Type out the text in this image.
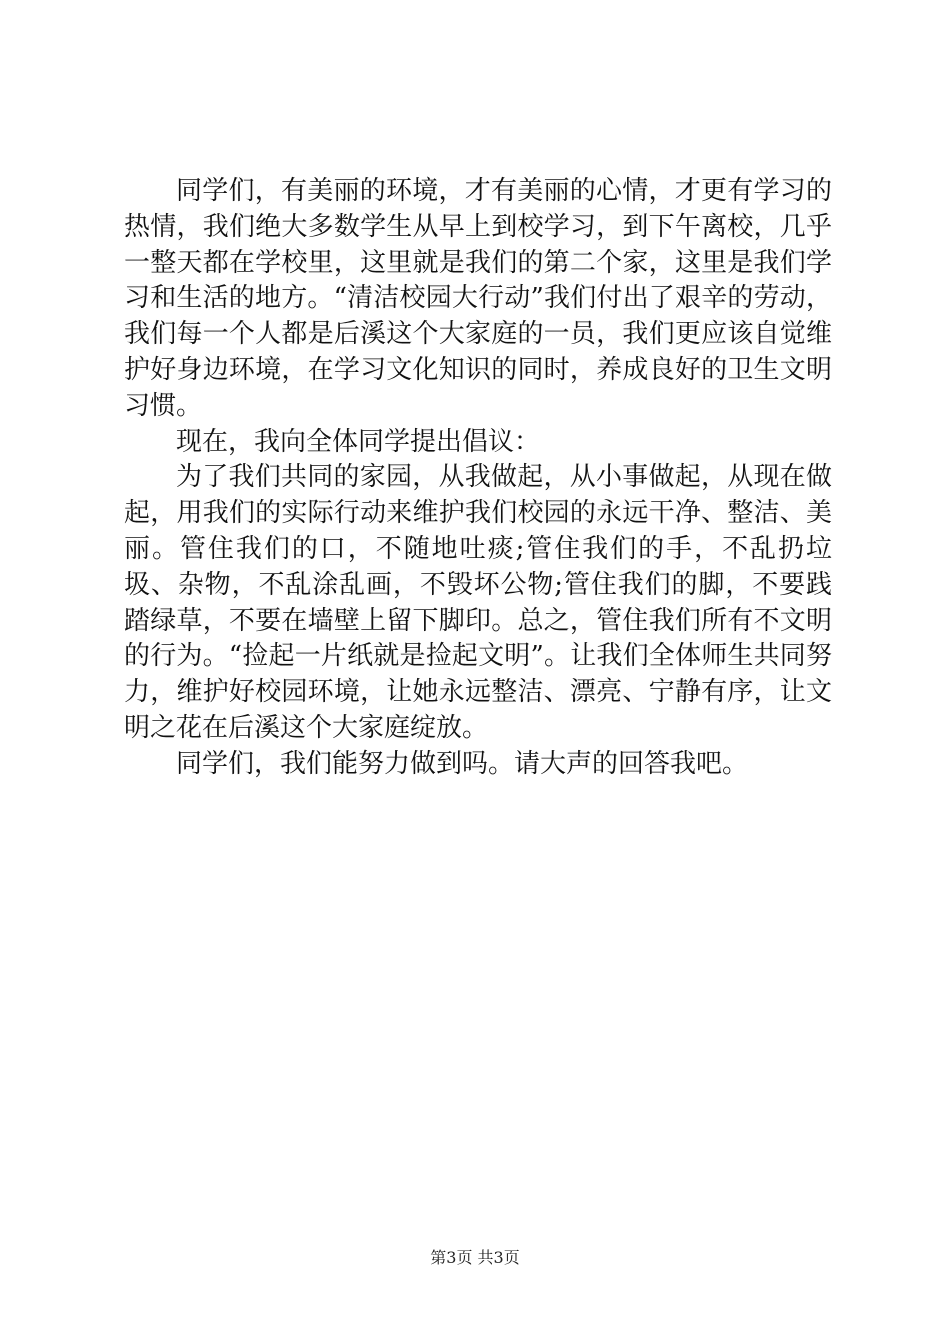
同学们，有美丽的环境，才有美丽的心情，才更有学习的热情，我们绝大多数学生从早上到校学习，到下午离校，几乎一整天都在学校里，这里就是我们的第二个家，这里是我们学习和生活的地方。“清洁校园大行动”我们付出了艰辛的劳动，我们每一个人都是后溪这个大家庭的一员，我们更应该自觉维护好身边环境，在学习文化知识的同时，养成良好的卫生文明习惯。

现在，我向全体同学提出倡议：

为了我们共同的家园，从我做起，从小事做起，从现在做起，用我们的实际行动来维护我们校园的永远干净、整洁、美丽。管住我们的口，不随地吐痰;管住我们的手，不乱扔垃圾、杂物，不乱涂乱画，不毁坏公物;管住我们的脚，不要践踏绿草，不要在墙壁上留下脚印。总之，管住我们所有不文明的行为。“捡起一片纸就是捡起文明”。让我们全体师生共同努力，维护好校园环境，让她永远整洁、漂亮、宁静有序，让文明之花在后溪这个大家庭绽放。

同学们，我们能努力做到吗。请大声的回答我吧。

第3页 共3页
